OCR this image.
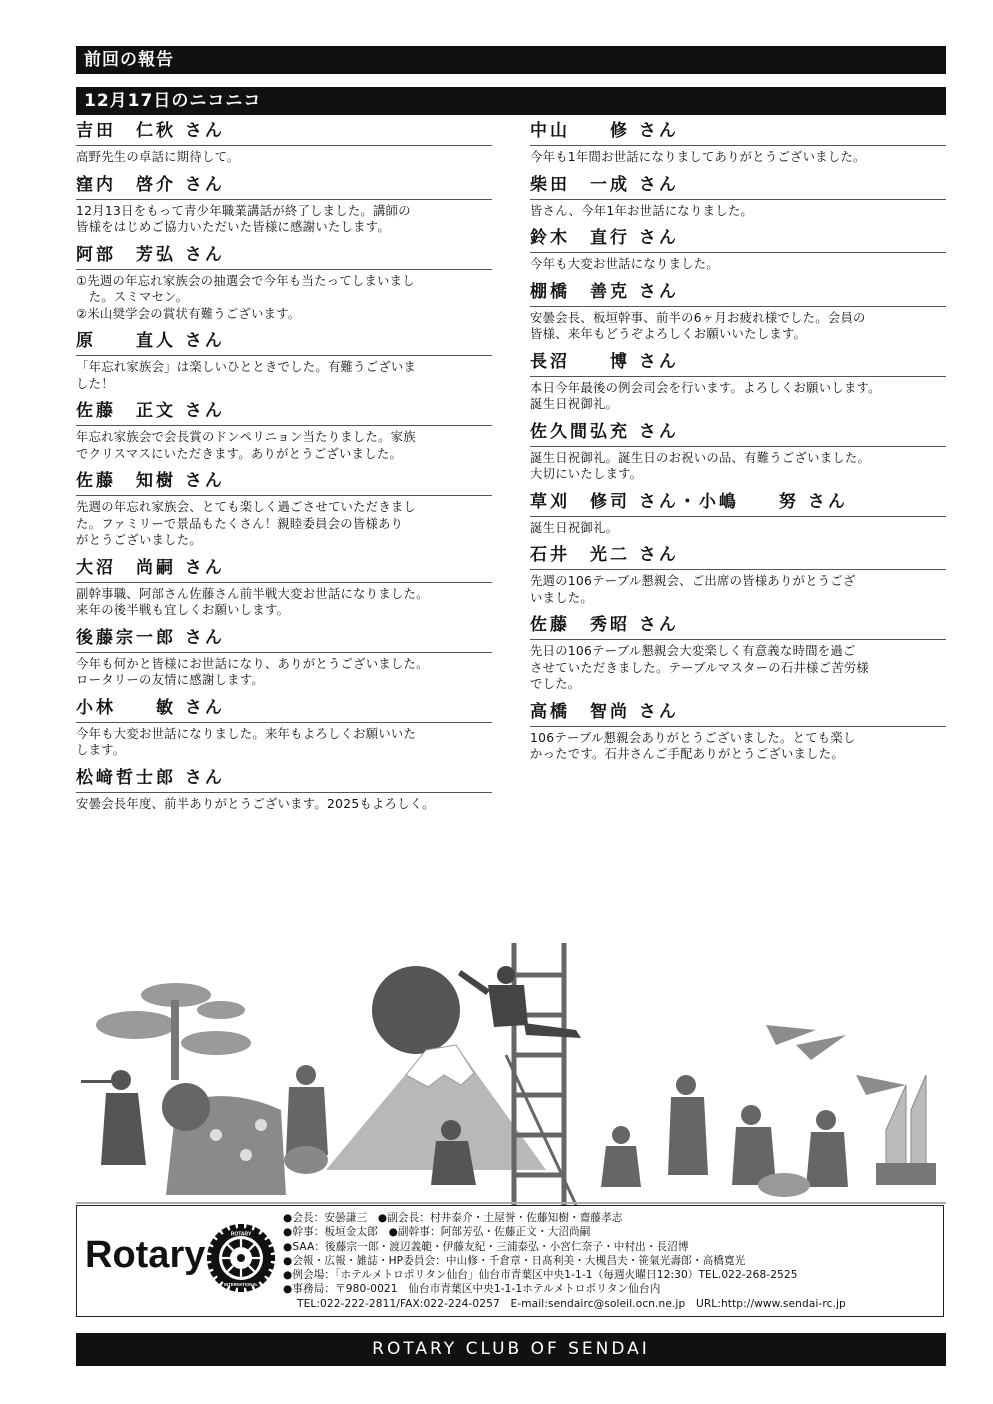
前回の報告
12月17日のニコニコ
吉田　仁秋 さん
高野先生の卓話に期待して。
窪内　啓介 さん
12月13日をもって青少年職業講話が終了しました。講師の
皆様をはじめご協力いただいた皆様に感謝いたします。
阿部　芳弘 さん
①先週の年忘れ家族会の抽選会で今年も当たってしまいまし
　た。スミマセン。
②米山奨学会の賞状有難うございます。
原　　直人 さん
「年忘れ家族会」は楽しいひとときでした。有難うございま
した！
佐藤　正文 さん
年忘れ家族会で会長賞のドンペリニョン当たりました。家族
でクリスマスにいただきます。ありがとうございました。
佐藤　知樹 さん
先週の年忘れ家族会、とても楽しく過ごさせていただきまし
た。ファミリーで景品もたくさん！親睦委員会の皆様あり
がとうございました。
大沼　尚嗣 さん
副幹事職、阿部さん佐藤さん前半戦大変お世話になりました。
来年の後半戦も宜しくお願いします。
後藤宗一郎 さん
今年も何かと皆様にお世話になり、ありがとうございました。
ロータリーの友情に感謝します。
小林　　敏 さん
今年も大変お世話になりました。来年もよろしくお願いいた
します。
松﨑哲士郎 さん
安曇会長年度、前半ありがとうございます。2025もよろしく。
中山　　修 さん
今年も1年間お世話になりましてありがとうございました。
柴田　一成 さん
皆さん、今年1年お世話になりました。
鈴木　直行 さん
今年も大変お世話になりました。
棚橋　善克 さん
安曇会長、板垣幹事、前半の6ヶ月お疲れ様でした。会員の
皆様、来年もどうぞよろしくお願いいたします。
長沼　　博 さん
本日今年最後の例会司会を行います。よろしくお願いします。
誕生日祝御礼。
佐久間弘充 さん
誕生日祝御礼。誕生日のお祝いの品、有難うございました。
大切にいたします。
草刈　修司 さん・小嶋　　努 さん
誕生日祝御礼。
石井　光二 さん
先週の106テーブル懇親会、ご出席の皆様ありがとうござ
いました。
佐藤　秀昭 さん
先日の106テーブル懇親会大変楽しく有意義な時間を過ご
させていただきました。テーブルマスターの石井様ご苦労様
でした。
高橋　智尚 さん
106テーブル懇親会ありがとうございました。とても楽し
かったです。石井さんご手配ありがとうございました。
Rotary	ROTARY
INTERNATIONAL
●会長：安曇謙三　●副会長：村井泰介・土屋誉・佐藤知樹・齋藤孝志
●幹事：板垣金太郎　●副幹事：阿部芳弘・佐藤正文・大沼尚嗣
●SAA：後藤宗一郎・渡辺義範・伊藤友紀・三浦泰弘・小宮仁奈子・中村出・長沼博
●会報・広報・雑誌・HP委員会：中山修・千倉章・日髙利美・大槻昌夫・笹氣光壽郎・高橋寛光
●例会場：「ホテルメトロポリタン仙台」仙台市青葉区中央1-1-1（毎週火曜日12:30）TEL.022-268-2525
●事務局：〒980-0021　仙台市青葉区中央1-1-1ホテルメトロポリタン仙台内
TEL:022-222-2811/FAX:022-224-0257　E-mail:sendairc@soleil.ocn.ne.jp　URL:http://www.sendai-rc.jp
ROTARY CLUB OF SENDAI
